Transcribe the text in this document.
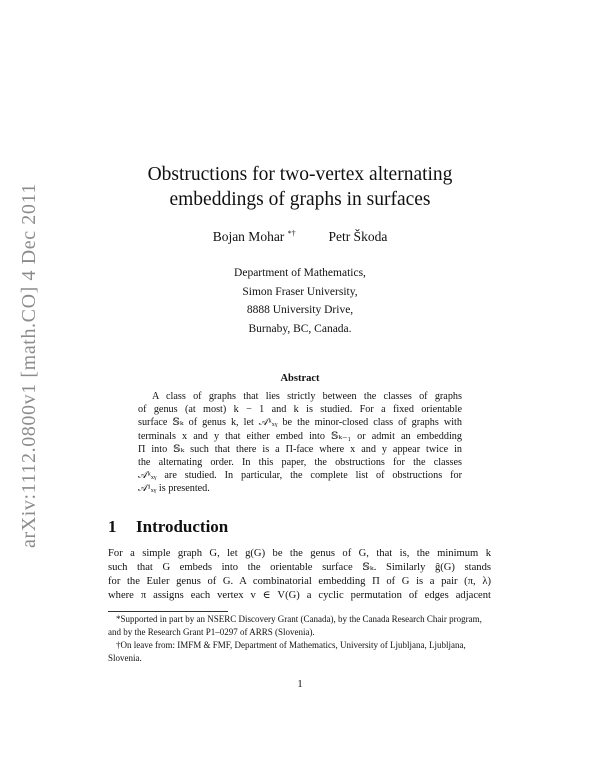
arXiv:1112.0800v1 [math.CO] 4 Dec 2011
Obstructions for two-vertex alternating
embeddings of graphs in surfaces
Bojan Mohar *† Petr Škoda
Department of Mathematics,
Simon Fraser University,
8888 University Drive,
Burnaby, BC, Canada.
Abstract
A class of graphs that lies strictly between the classes of graphs
of genus (at most) k − 1 and k is studied. For a fixed orientable
surface 𝕊ₖ of genus k, let 𝒜ᵏₓᵧ be the minor-closed class of graphs with
terminals x and y that either embed into 𝕊ₖ₋₁ or admit an embedding
Π into 𝕊ₖ such that there is a Π-face where x and y appear twice in
the alternating order. In this paper, the obstructions for the classes
𝒜ᵏₓᵧ are studied. In particular, the complete list of obstructions for
𝒜¹ₓᵧ is presented.
1 Introduction
For a simple graph G, let g(G) be the genus of G, that is, the minimum k
such that G embeds into the orientable surface 𝕊ₖ. Similarly ĝ(G) stands
for the Euler genus of G. A combinatorial embedding Π of G is a pair (π, λ)
where π assigns each vertex v ∈ V(G) a cyclic permutation of edges adjacent
*Supported in part by an NSERC Discovery Grant (Canada), by the Canada Research Chair program, and by the Research Grant P1–0297 of ARRS (Slovenia).
†On leave from: IMFM & FMF, Department of Mathematics, University of Ljubljana, Ljubljana, Slovenia.
1
